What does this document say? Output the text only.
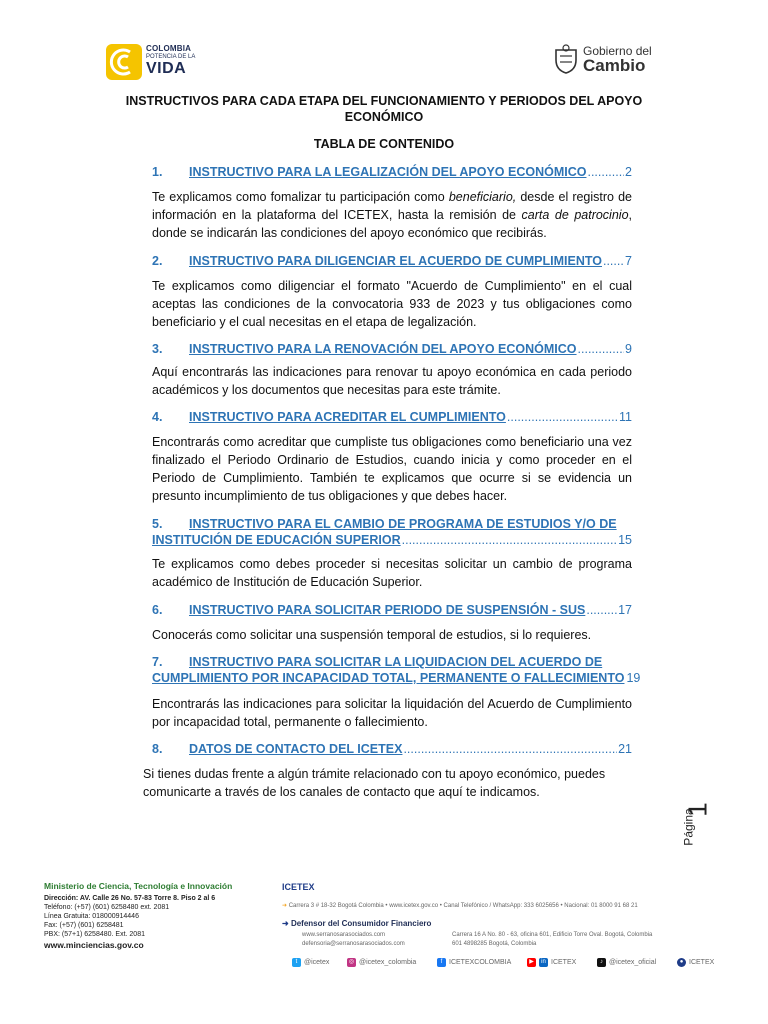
COLOMBIA
POTENCIA DE LA
VIDA
Gobierno del
Cambio
INSTRUCTIVOS PARA CADA ETAPA DEL FUNCIONAMIENTO Y PERIODOS DEL APOYO ECONÓMICO
TABLA DE CONTENIDO
1.	INSTRUCTIVO PARA LA LEGALIZACIÓN DEL APOYO ECONÓMICO .....	2
Te explicamos como fomalizar tu participación como beneficiario, desde el registro de información en la plataforma del ICETEX, hasta la remisión de carta de patrocinio, donde se indicarán las condiciones del apoyo económico que recibirás.
2.	INSTRUCTIVO PARA DILIGENCIAR EL ACUERDO DE CUMPLIMIENTO ..... 7
Te explicamos como diligenciar el formato "Acuerdo de Cumplimiento" en el cual aceptas las condiciones de la convocatoria 933 de 2023 y tus obligaciones como beneficiario y el cual necesitas en el etapa de legalización.
3.	INSTRUCTIVO PARA LA RENOVACIÓN DEL APOYO ECONÓMICO .....	9
Aquí encontrarás las indicaciones para renovar tu apoyo económica en cada periodo académicos y los documentos que necesitas para este trámite.
4.	INSTRUCTIVO PARA ACREDITAR EL CUMPLIMIENTO .....	11
Encontrarás como acreditar que cumpliste tus obligaciones como beneficiario una vez finalizado el Periodo Ordinario de Estudios, cuando inicia y como proceder en el Periodo de Cumplimiento. También te explicamos que ocurre si se evidencia un presunto incumplimiento de tus obligaciones y que debes hacer.
5.	INSTRUCTIVO PARA EL CAMBIO DE PROGRAMA DE ESTUDIOS Y/O DE
INSTITUCIÓN DE EDUCACIÓN SUPERIOR .....	15
Te explicamos como debes proceder si necesitas solicitar un cambio de programa académico de Institución de Educación Superior.
6.	INSTRUCTIVO PARA SOLICITAR PERIODO DE SUSPENSIÓN - SUS .....	17
Conocerás como solicitar una suspensión temporal de estudios, si lo requieres.
7.	INSTRUCTIVO PARA SOLICITAR LA LIQUIDACION DEL ACUERDO DE
CUMPLIMIENTO POR INCAPACIDAD TOTAL, PERMANENTE O FALLECIMIENTO 19
Encontrarás las indicaciones para solicitar la liquidación del Acuerdo de Cumplimiento por incapacidad total, permanente o fallecimiento.
8.	DATOS DE CONTACTO DEL ICETEX .....	21
Si tienes dudas frente a algún trámite relacionado con tu apoyo económico, puedes comunicarte a través de los canales de contacto que aquí te indicamos.
Página
1
Ministerio de Ciencia, Tecnología e Innovación
Dirección: AV. Calle 26 No. 57-83 Torre 8. Piso 2 al 6
Teléfono: (+57) (601) 6258480 ext. 2081
Línea Gratuita: 018000914446
Fax: (+57) (601) 6258481
PBX: (57+1) 6258480. Ext. 2081
www.minciencias.gov.co
ICETEX
➜ Carrera 3 # 18-32 Bogotá Colombia • www.icetex.gov.co • Canal Telefónico / WhatsApp: 333 6025656 • Nacional: 01 8000 91 68 21
➜ Defensor del Consumidor Financiero
www.serranosarasociados.com	Carrera 16 A No. 80 - 63, oficina 601, Edificio Torre Oval. Bogotá, Colombia
defensoria@serranosarasociados.com	601 4898285 Bogotá, Colombia
t @icetex	◎ @icetex_colombia	f ICETEXCOLOMBIA	▶	in ICETEX	♪ @icetex_oficial	● ICETEX
